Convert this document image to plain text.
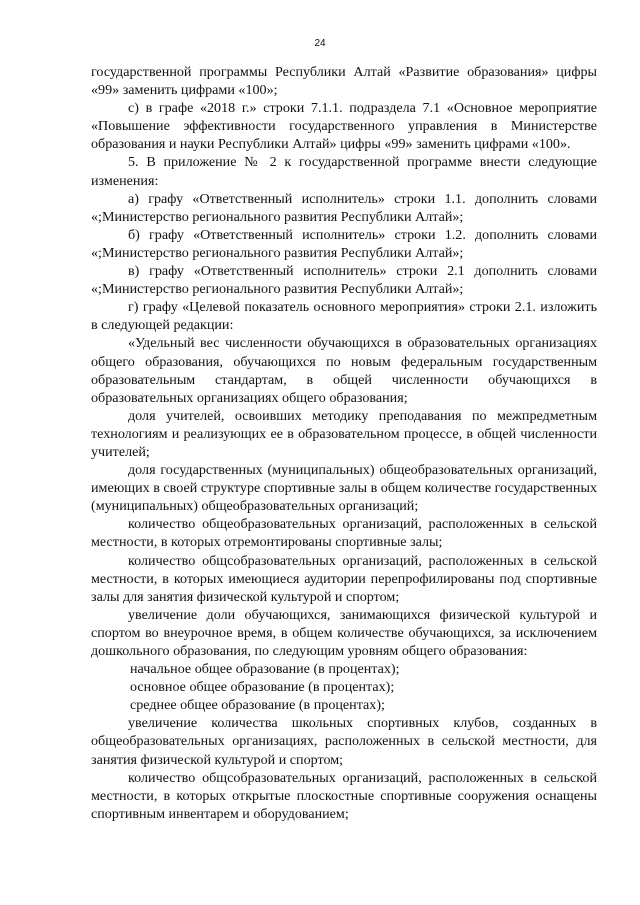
24

государственной программы Республики Алтай «Развитие образования» цифры «99» заменить цифрами «100»;

с) в графе «2018 г.» строки 7.1.1. подраздела 7.1 «Основное мероприятие «Повышение эффективности государственного управления в Министерстве образования и науки Республики Алтай» цифры «99» заменить цифрами «100».

5. В приложение № 2 к государственной программе внести следующие изменения:

а) графу «Ответственный исполнитель» строки 1.1. дополнить словами «;Министерство регионального развития Республики Алтай»;

б) графу «Ответственный исполнитель» строки 1.2. дополнить словами «;Министерство регионального развития Республики Алтай»;

в) графу «Ответственный исполнитель» строки 2.1 дополнить словами «;Министерство регионального развития Республики Алтай»;

г) графу «Целевой показатель основного мероприятия» строки 2.1. изложить в следующей редакции:

«Удельный вес численности обучающихся в образовательных организациях общего образования, обучающихся по новым федеральным государственным образовательным стандартам, в общей численности обучающихся в образовательных организациях общего образования;

доля учителей, освоивших методику преподавания по межпредметным технологиям и реализующих ее в образовательном процессе, в общей численности учителей;

доля государственных (муниципальных) общеобразовательных организаций, имеющих в своей структуре спортивные залы в общем количестве государственных (муниципальных) общеобразовательных организаций;

количество общеобразовательных организаций, расположенных в сельской местности, в которых отремонтированы спортивные залы;

количество общсобразовательных организаций, расположенных в сельской местности, в которых имеющиеся аудитории перепрофилированы под спортивные залы для занятия физической культурой и спортом;

увеличение доли обучающихся, занимающихся физической культурой и спортом во внеурочное время, в общем количестве обучающихся, за исключением дошкольного образования, по следующим уровням общего образования:

начальное общее образование (в процентах);

основное общее образование (в процентах);

среднее общее образование (в процентах);

увеличение количества школьных спортивных клубов, созданных в общеобразовательных организациях, расположенных в сельской местности, для занятия физической культурой и спортом;

количество общсобразовательных организаций, расположенных в сельской местности, в которых открытые плоскостные спортивные сооружения оснащены спортивным инвентарем и оборудованием;
